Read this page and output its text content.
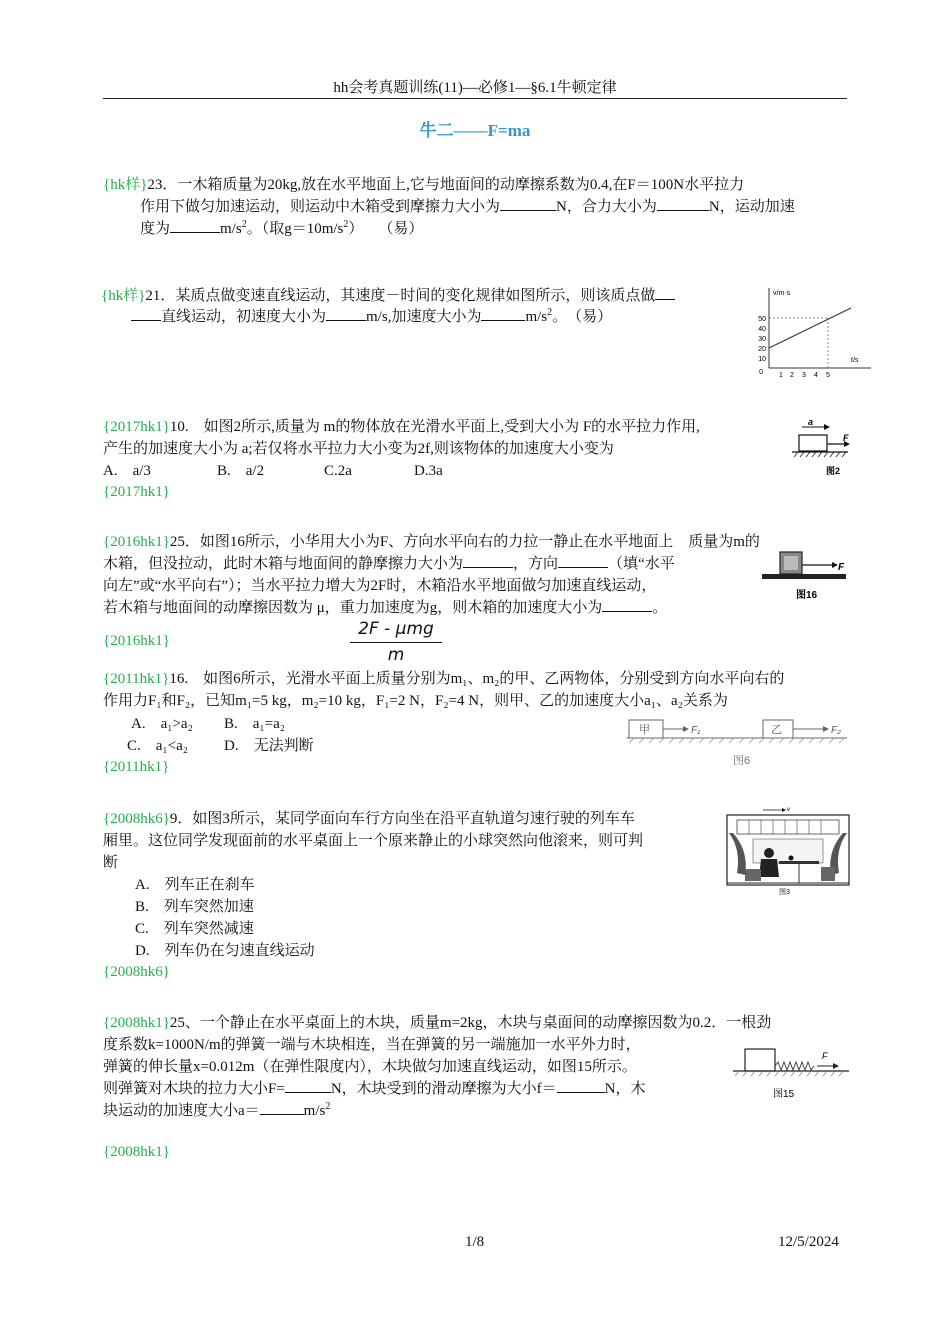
hh会考真题训练(11)—必修1—§6.1牛顿定律
牛二——F=ma
{hk样}23．一木箱质量为20kg,放在水平地面上,它与地面间的动摩擦系数为0.4,在F＝100N水平拉力
作用下做匀加速运动，则运动中木箱受到摩擦力大小为	N，合力大小为	N，运动加速
度为	$m/s^2$。（取$g=10m/s^2$）　　（易）
{hk样}21．某质点做变速直线运动，其速度－时间的变化规律如图所示，则该质点做
直线运动，初速度大小为	m/s,加速度大小为	$m/s^2$。　（易）
v/m·s
t/s
50
40
30
20
10
0 1 2 3 4 5
{2017hk1}10.　如图2所示,质量为 m的物体放在光滑水平面上,受到大小为 F的水平拉力作用,
产生的加速度大小为 a;若仅将水平拉力大小变为2f,则该物体的加速度大小变为
A.　a/3	B.　a/2	C.2a	D.3a
{2017hk1}
a
F
图2
{2016hk1}25．如图16所示，小华用大小为F、方向水平向右的力拉一静止在水平地面上　质量为m的
木箱，但没拉动，此时木箱与地面间的静摩擦力大小为	，方向	（填“水平
向左”或“水平向右”）；当水平拉力增大为2F时，木箱沿水平地面做匀加速直线运动，
若木箱与地面间的动摩擦因数为 μ，重力加速度为g，则木箱的加速度大小为	。
{2016hk1}
2F - μmg
m
F
图16
{2011hk1}16.　如图6所示，光滑水平面上质量分别为m₁、m₂的甲、乙两物体，分别受到方向水平向右的
作用力F₁和F₂，已知m₁=5 kg，m₂=10 kg，F₁=2 N，F₂=4 N，则甲、乙的加速度大小a₁、a₂关系为
A.　a₁>a₂ B.　a₁=a₂
C.　a₁<a₂ D.　无法判断
{2011hk1}
甲	F₁	乙	F₂
图6
{2008hk6}9．如图3所示，某同学面向车行方向坐在沿平直轨道匀速行驶的列车车
厢里。这位同学发现面前的水平桌面上一个原来静止的小球突然向他滚来，则可判
断
A.　列车正在刹车
B.　列车突然加速
C.　列车突然减速
D.　列车仍在匀速直线运动
{2008hk6}
v
图3
{2008hk1}25、一个静止在水平桌面上的木块，质量m=2kg，木块与桌面间的动摩擦因数为0.2．一根劲
度系数k=1000N/m的弹簧一端与木块相连，当在弹簧的另一端施加一水平外力时，
弹簧的伸长量x=0.012m（在弹性限度内），木块做匀加速直线运动，如图15所示。
则弹簧对木块的拉力大小F=	N，木块受到的滑动摩擦为大小f＝	N，木
块运动的加速度大小a＝	$m/s^2$
{2008hk1}
F
图15
1/8	12/5/2024
